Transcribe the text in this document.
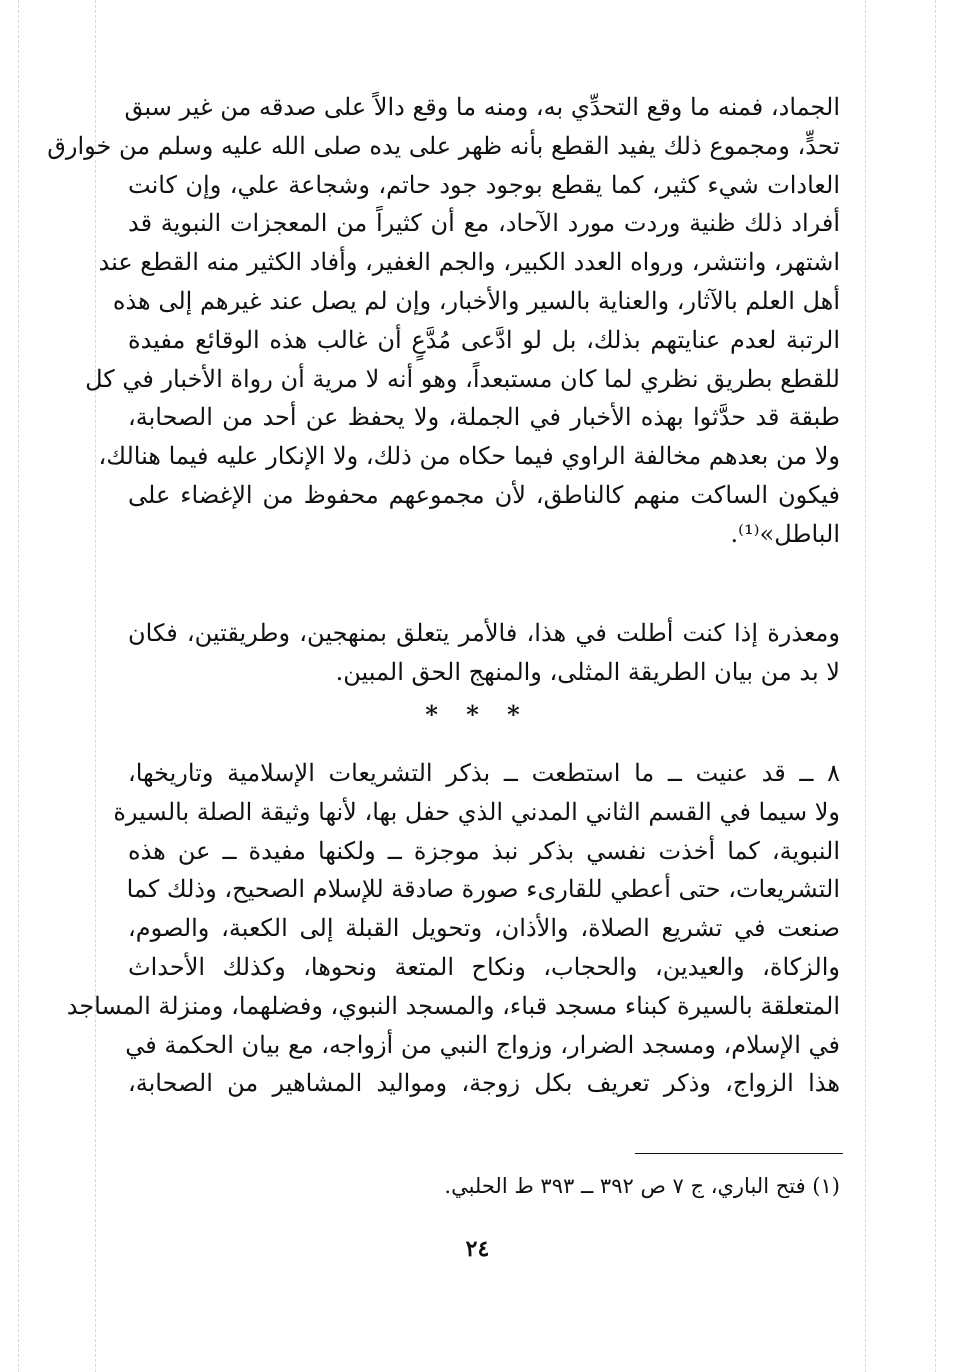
الجماد، فمنه ما وقع التحدِّي به، ومنه ما وقع دالاً على صدقه من غير سبق
تحدٍّ، ومجموع ذلك يفيد القطع بأنه ظهر على يده صلى الله عليه وسلم من خوارق
العادات شيء كثير، كما يقطع بوجود جود حاتم، وشجاعة علي، وإن كانت
أفراد ذلك ظنية وردت مورد الآحاد، مع أن كثيراً من المعجزات النبوية قد
اشتهر، وانتشر، ورواه العدد الكبير، والجم الغفير، وأفاد الكثير منه القطع عند
أهل العلم بالآثار، والعناية بالسير والأخبار، وإن لم يصل عند غيرهم إلى هذه
الرتبة لعدم عنايتهم بذلك، بل لو ادَّعى مُدَّعٍ أن غالب هذه الوقائع مفيدة
للقطع بطريق نظري لما كان مستبعداً، وهو أنه لا مرية أن رواة الأخبار في كل
طبقة قد حدَّثوا بهذه الأخبار في الجملة، ولا يحفظ عن أحد من الصحابة،
ولا من بعدهم مخالفة الراوي فيما حكاه من ذلك، ولا الإنكار عليه فيما هنالك،
فيكون الساكت منهم كالناطق، لأن مجموعهم محفوظ من الإغضاء على
الباطل»⁽¹⁾.
ومعذرة إذا كنت أطلت في هذا، فالأمر يتعلق بمنهجين، وطريقتين، فكان
لا بد من بيان الطريقة المثلى، والمنهج الحق المبين.
* * *
٨ ــ قد عنيت ــ ما استطعت ــ بذكر التشريعات الإسلامية وتاريخها،
ولا سيما في القسم الثاني المدني الذي حفل بها، لأنها وثيقة الصلة بالسيرة
النبوية، كما أخذت نفسي بذكر نبذ موجزة ــ ولكنها مفيدة ــ عن هذه
التشريعات، حتى أعطي للقارىء صورة صادقة للإسلام الصحيح، وذلك كما
صنعت في تشريع الصلاة، والأذان، وتحويل القبلة إلى الكعبة، والصوم،
والزكاة، والعيدين، والحجاب، ونكاح المتعة ونحوها، وكذلك الأحداث
المتعلقة بالسيرة كبناء مسجد قباء، والمسجد النبوي، وفضلهما، ومنزلة المساجد
في الإسلام، ومسجد الضرار، وزواج النبي من أزواجه، مع بيان الحكمة في
هذا الزواج، وذكر تعريف بكل زوجة، ومواليد المشاهير من الصحابة،
(١) فتح الباري، ج ٧ ص ٣٩٢ ــ ٣٩٣ ط الحلبي.
٢٤
